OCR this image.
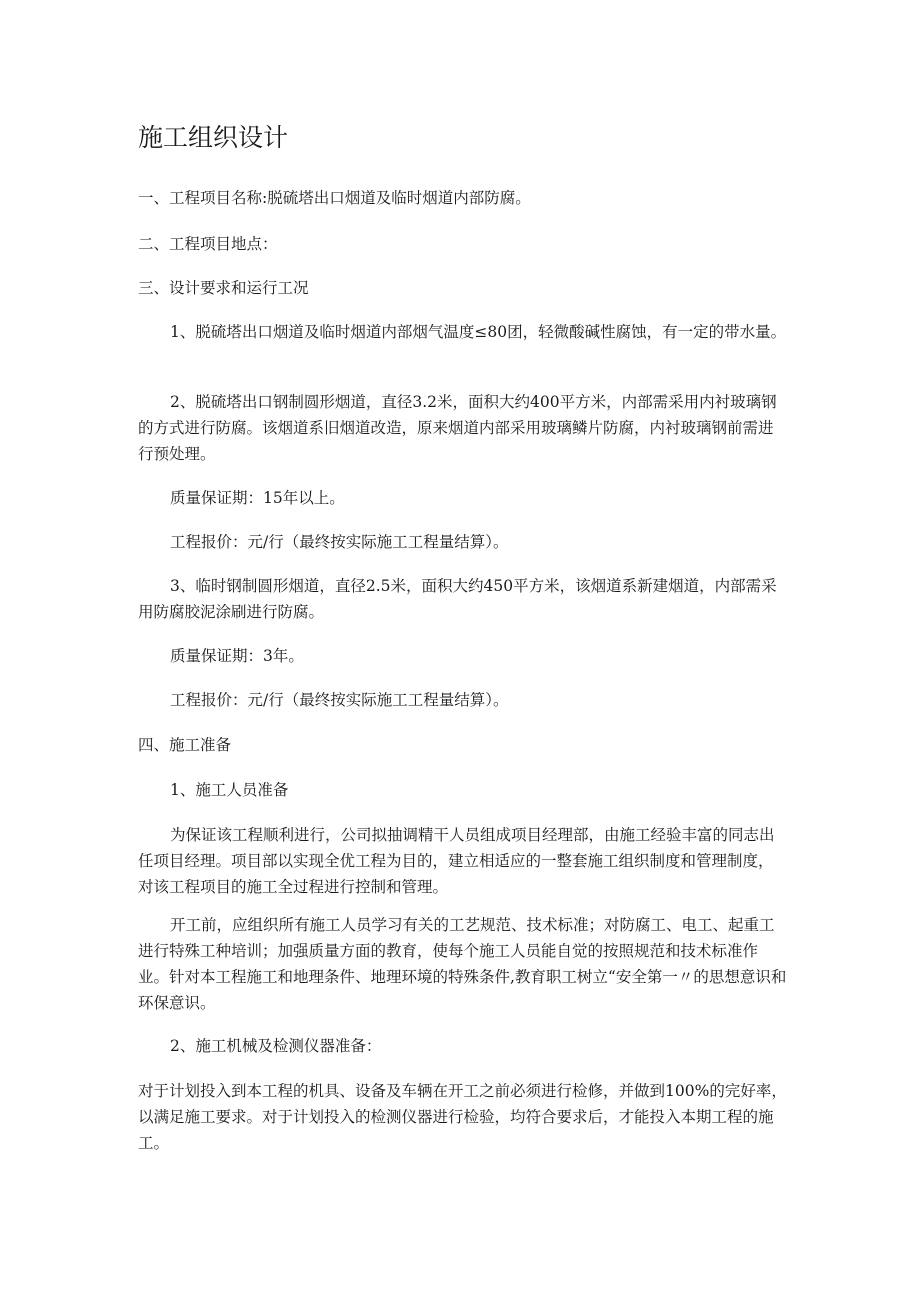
施工组织设计

一、工程项目名称:脱硫塔出口烟道及临时烟道内部防腐。

二、工程项目地点：

三、设计要求和运行工况

1、脱硫塔出口烟道及临时烟道内部烟气温度≤80团，轻微酸碱性腐蚀，有一定的带水量。

2、脱硫塔出口钢制圆形烟道，直径3.2米，面积大约400平方米，内部需采用内衬玻璃钢的方式进行防腐。该烟道系旧烟道改造，原来烟道内部采用玻璃鳞片防腐，内衬玻璃钢前需进行预处理。

质量保证期：15年以上。

工程报价：元/行（最终按实际施工工程量结算）。

3、临时钢制圆形烟道，直径2.5米，面积大约450平方米，该烟道系新建烟道，内部需采用防腐胶泥涂刷进行防腐。

质量保证期：3年。

工程报价：元/行（最终按实际施工工程量结算）。

四、施工准备

1、施工人员准备

为保证该工程顺利进行，公司拟抽调精干人员组成项目经理部，由施工经验丰富的同志出任项目经理。项目部以实现全优工程为目的，建立相适应的一整套施工组织制度和管理制度，对该工程项目的施工全过程进行控制和管理。

开工前，应组织所有施工人员学习有关的工艺规范、技术标准；对防腐工、电工、起重工进行特殊工种培训；加强质量方面的教育，使每个施工人员能自觉的按照规范和技术标准作业。针对本工程施工和地理条件、地理环境的特殊条件,教育职工树立“安全第一〃的思想意识和环保意识。

2、施工机械及检测仪器准备：

对于计划投入到本工程的机具、设备及车辆在开工之前必须进行检修，并做到100%的完好率，以满足施工要求。对于计划投入的检测仪器进行检验，均符合要求后，才能投入本期工程的施工。
